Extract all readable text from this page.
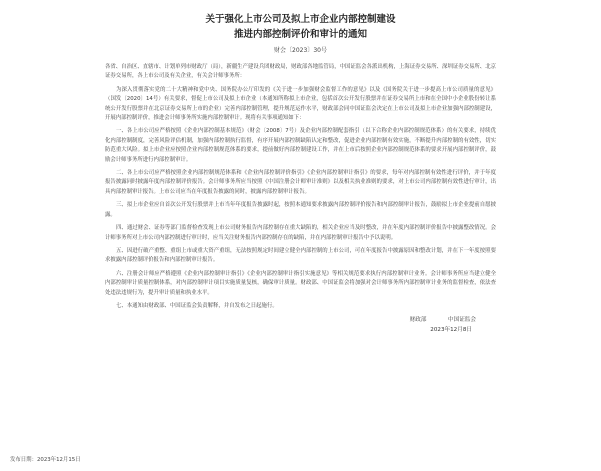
关于强化上市公司及拟上市企业内部控制建设
推进内部控制评价和审计的通知
财会〔2023〕30号

各省、自治区、直辖市、计划单列市财政厅（局），新疆生产建设兵团财政局，财政部各地监管局，中国证监会各派出机构，上海证券交易所、深圳证券交易所、北京证券交易所，各上市公司及有关企业，有关会计师事务所：

为深入贯彻落实党的二十大精神和党中央、国务院办公厅印发的《关于进一步加强财会监督工作的意见》以及《国务院关于进一步提高上市公司质量的意见》（国发〔2020〕14号）有关要求，督促上市公司及拟上市企业（本通知所称拟上市企业，包括首次公开发行股票并在证券交易所上市和在全国中小企业股份转让系统公开发行股票并在北京证券交易所上市的企业）完善内部控制管理，提升规范运作水平，财政部会同中国证监会决定在上市公司及拟上市企业加强内部控制建设，开展内部控制评价，推进会计师事务所实施内部控制审计。现将有关事项通知如下：

一、各上市公司应严格按照《企业内部控制基本规范》（财会〔2008〕7号）及企业内部控制配套指引（以下合称企业内部控制规范体系）的有关要求，持续优化内部控制制度，完善风险评估机制，加强内部控制执行监督，有序开展内部控制缺陷认定和整改，促进企业内部控制有效实施，不断提升内部控制的有效性，切实防范重大风险。拟上市企业应按照企业内部控制规范体系的要求，提前做好内部控制建设工作，并在上市后按照企业内部控制规范体系的要求开展内部控制评价，鼓励会计师事务所进行内部控制审计。

二、各上市公司应严格按照企业内部控制规范体系和《企业内部控制评价指引》《企业内部控制审计指引》的要求，每年对内部控制有效性进行评价，并于年度报告披露同时披露年度内部控制评价报告。会计师事务所应当按照《中国注册会计师审计准则》以及相关执业准则的要求，对上市公司内部控制有效性进行审计，出具内部控制审计报告。上市公司应当在年度报告披露的同时，披露内部控制审计报告。

三、拟上市企业应自首次公开发行股票并上市当年年度报告披露时起，按照本通知要求披露内部控制评价报告和内部控制审计报告，鼓励拟上市企业提前自愿披露。

四、通过财会、证券等部门监督检查发现上市公司财务报告内部控制存在重大缺陷的，相关企业应当及时整改，并在年度内部控制评价报告中披露整改情况。会计师事务所对上市公司内部控制进行审计时，应当关注财务报告内部控制存在的缺陷，并在内部控制审计报告中予以说明。

五、因进行破产重整、重组上市或重大资产重组，无法按照规定时间建立健全内部控制的上市公司，可在年度报告中披露原因和整改计划，并在下一年度按照要求披露内部控制评价报告和内部控制审计报告。

六、注册会计师应严格遵照《企业内部控制审计指引》《企业内部控制审计指引实施意见》等相关规范要求执行内部控制审计业务。会计师事务所应当建立健全内部控制审计质量控制体系，对内部控制审计项目实施质量复核，确保审计质量。财政部、中国证监会将加强对会计师事务所内部控制审计业务的监督检查，依法查处违法违规行为，提升审计质量和执业水平。

七、本通知由财政部、中国证监会负责解释，并自发布之日起施行。

财政部	中国证监会
2023年12月8日
发布日期：2023年12月15日
